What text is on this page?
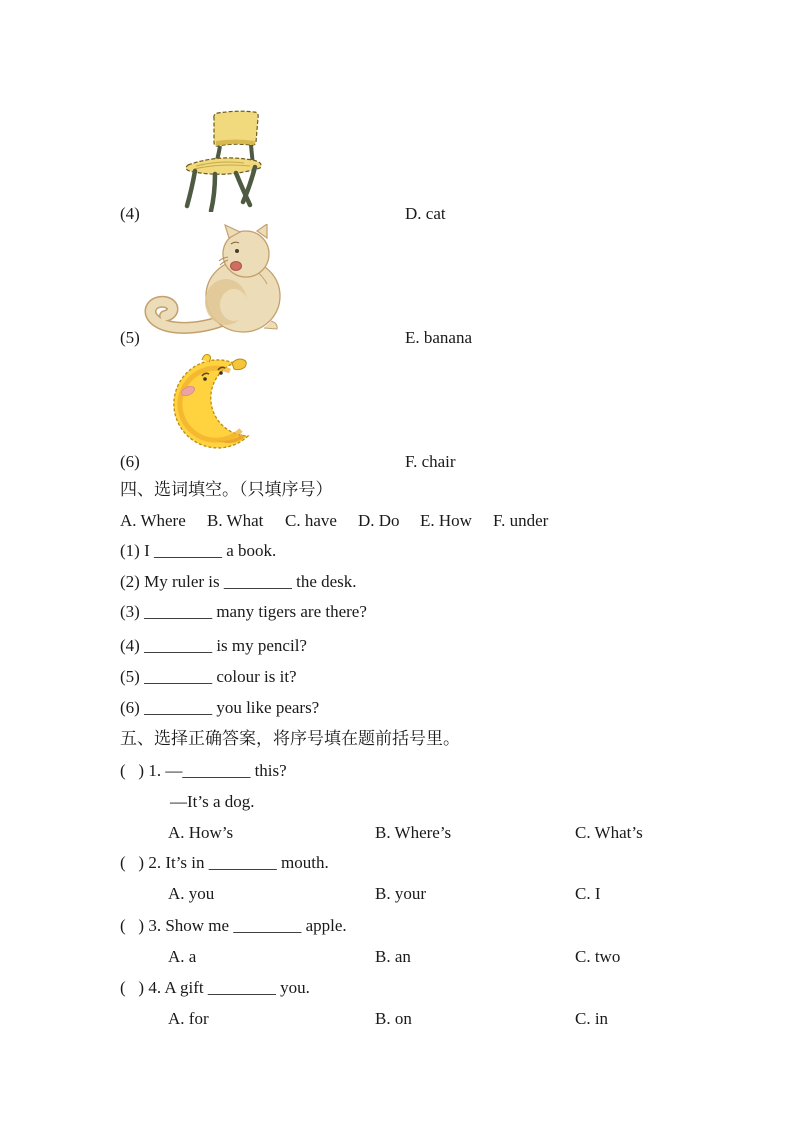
(4)

	D. cat

(5)

	E. banana

(6)

	F. chair

四、选词填空。（只填序号）

A. Where

B. What

C. have

D. Do

E. How

F. under

(1) I ________ a book.
(2) My ruler is ________ the desk.
(3) ________ many tigers are there?
(4) ________ is my pencil?
(5) ________ colour is it?
(6) ________ you like pears?
五、选择正确答案，将序号填在题前括号里。
(   ) 1. —________ this?

—It’s a dog.

A. How’s

	B. Where’s

	C. What’s

(   ) 2. It’s in ________ mouth.

A. you

	B. your

	C. I

(   ) 3. Show me ________ apple.

A. a

	B. an

	C. two

(   ) 4. A gift ________ you.

A. for

	B. on

	C. in
